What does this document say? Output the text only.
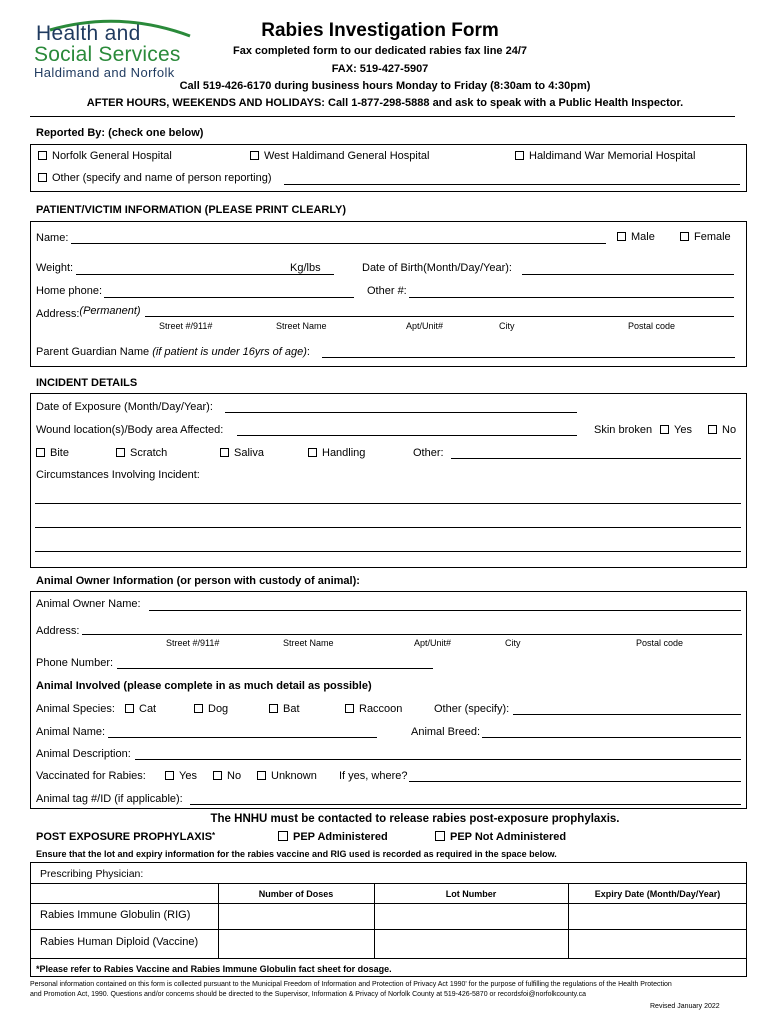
Health and
Social Services
Haldimand and Norfolk
Rabies Investigation Form
Fax completed form to our dedicated rabies fax line 24/7
FAX: 519-427-5907
Call 519-426-6170 during business hours Monday to Friday (8:30am to 4:30pm)
AFTER HOURS, WEEKENDS AND HOLIDAYS: Call 1-877-298-5888 and ask to speak with a Public Health Inspector.
Reported By: (check one below)
Norfolk General Hospital	West Haldimand General Hospital	Haldimand War Memorial Hospital
Other (specify and name of person reporting)
PATIENT/VICTIM INFORMATION (PLEASE PRINT CLEARLY)
Name:	Male	Female
Weight:	Kg/lbs	Date of Birth(Month/Day/Year):
Home phone:	Other #:
Address:(Permanent)
Street #/911#	Street Name	Apt/Unit#	City	Postal code
Parent Guardian Name (if patient is under 16yrs of age):
INCIDENT DETAILS
Date of Exposure (Month/Day/Year):
Wound location(s)/Body area Affected:	Skin broken	Yes	No
Bite	Scratch	Saliva	Handling	Other:
Circumstances Involving Incident:
Animal Owner Information (or person with custody of animal):
Animal Owner Name:
Address:
Street #/911#	Street Name	Apt/Unit#	City	Postal code
Phone Number:
Animal Involved (please complete in as much detail as possible)
Animal Species:	Cat	Dog	Bat	Raccoon	Other (specify):
Animal Name:	Animal Breed:
Animal Description:
Vaccinated for Rabies:	Yes	No	Unknown If yes, where?
Animal tag #/ID (if applicable):
The HNHU must be contacted to release rabies post-exposure prophylaxis.
POST EXPOSURE PROPHYLAXIS*	PEP Administered	PEP Not Administered
Ensure that the lot and expiry information for the rabies vaccine and RIG used is recorded as required in the space below.
Prescribing Physician:
Number of Doses	Lot Number	Expiry Date (Month/Day/Year)
Rabies Immune Globulin (RIG)
Rabies Human Diploid (Vaccine)
*Please refer to Rabies Vaccine and Rabies Immune Globulin fact sheet for dosage.
Personal information contained on this form is collected pursuant to the Municipal Freedom of Information and Protection of Privacy Act 1990' for the purpose of fulfilling the regulations of the Health Protection
and Promotion Act, 1990. Questions and/or concerns should be directed to the Supervisor, Information & Privacy of Norfolk County at 519-426-5870 or recordsfoi@norfolkcounty.ca
Revised January 2022
